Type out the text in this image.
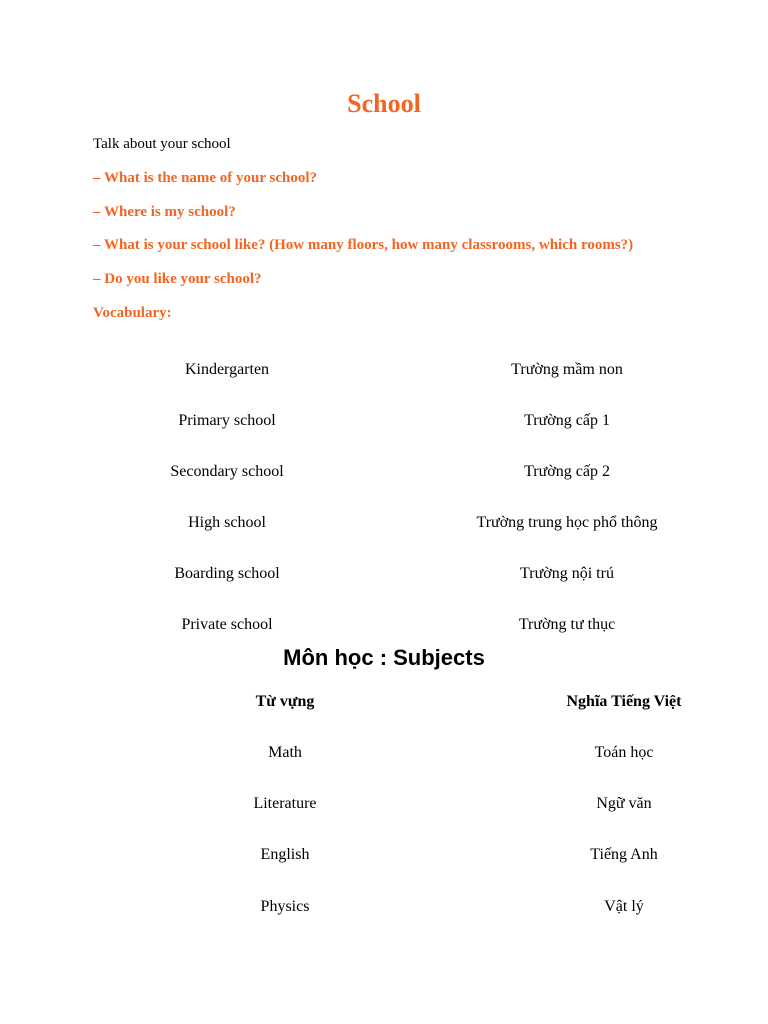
School

Talk about your school

– What is the name of your school?

– Where is my school?

– What is your school like? (How many floors, how many classrooms, which rooms?)

– Do you like your school?

Vocabulary:

Kindergarten	Trường mầm non
Primary school	Trường cấp 1
Secondary school	Trường cấp 2
High school	Trường trung học phổ thông
Boarding school	Trường nội trú
Private school	Trường tư thục
Môn học : Subjects
Từ vựng	Nghĩa Tiếng Việt
Math	Toán học
Literature	Ngữ văn
English	Tiếng Anh
Physics	Vật lý
